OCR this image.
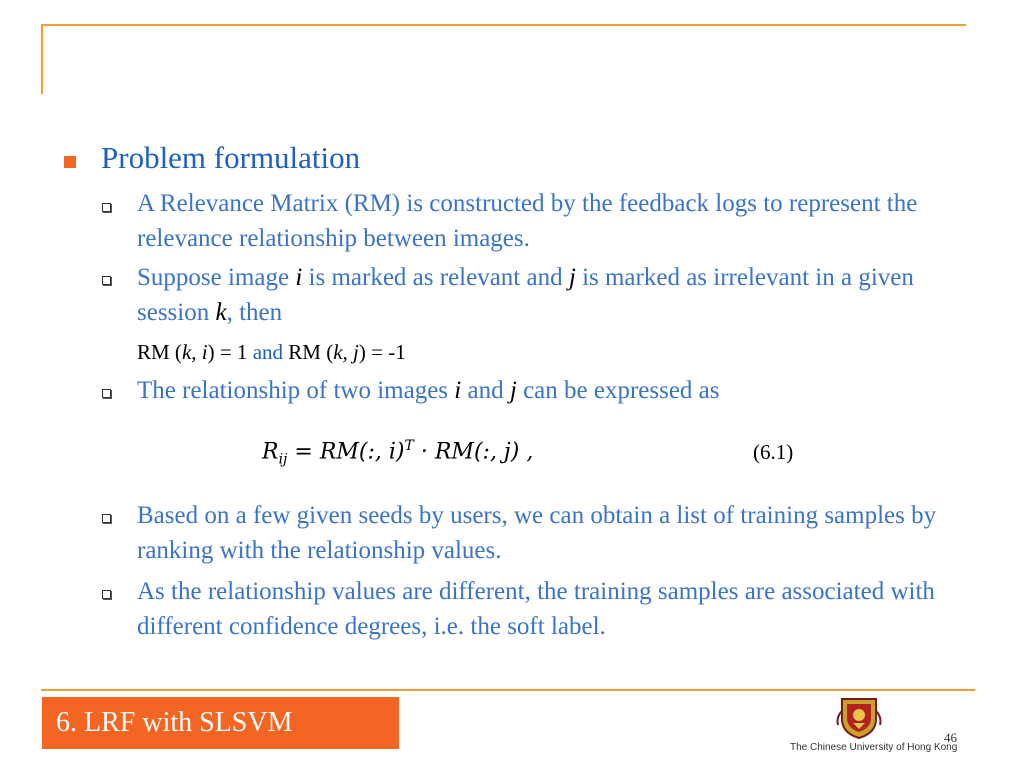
Problem formulation
A Relevance Matrix (RM) is constructed by the feedback logs to represent the relevance relationship between images.
Suppose image i is marked as relevant and j is marked as irrelevant in a given session k, then
RM (k, i) = 1 and RM (k, j) = -1
The relationship of two images i and j can be expressed as
$R_{ij} = RM$(:, i)$^T$ · RM(:, j) ,	(6.1)
Based on a few given seeds by users, we can obtain a list of training samples by ranking with the relationship values.
As the relationship values are different, the training samples are associated with different confidence degrees, i.e. the soft label.
6. LRF with SLSVM
The Chinese University of Hong Kong
46
